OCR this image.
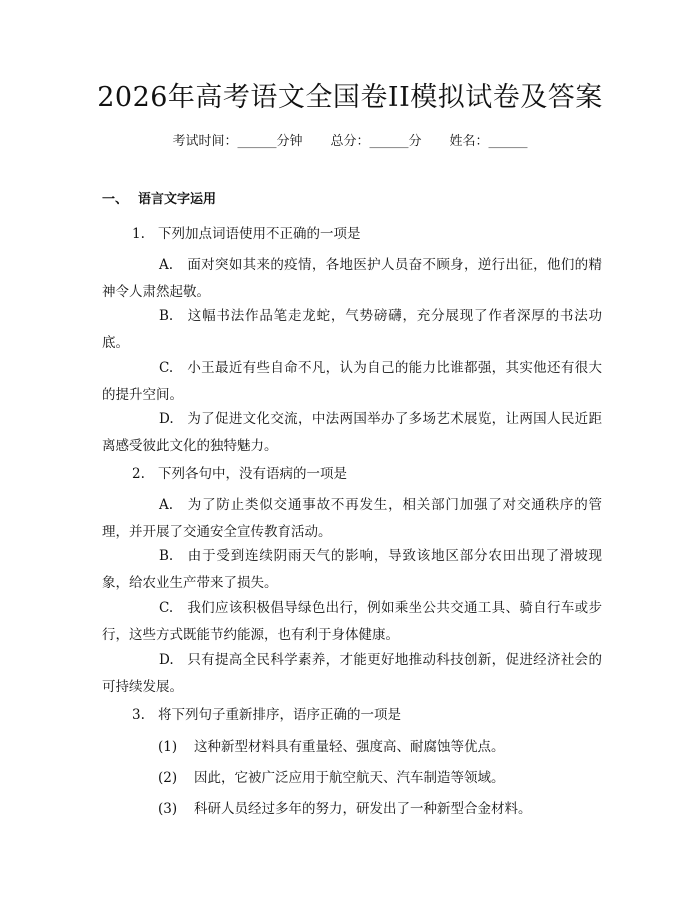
2026年高考语文全国卷II模拟试卷及答案
考试时间：______分钟 总分：______分 姓名：______
一、 语言文字运用
1. 下列加点词语使用不正确的一项是
A. 面对突如其来的疫情，各地医护人员奋不顾身，逆行出征，他们的精神令人肃然起敬。
B. 这幅书法作品笔走龙蛇，气势磅礴，充分展现了作者深厚的书法功底。
C. 小王最近有些自命不凡，认为自己的能力比谁都强，其实他还有很大的提升空间。
D. 为了促进文化交流，中法两国举办了多场艺术展览，让两国人民近距离感受彼此文化的独特魅力。
2. 下列各句中，没有语病的一项是
A. 为了防止类似交通事故不再发生，相关部门加强了对交通秩序的管理，并开展了交通安全宣传教育活动。
B. 由于受到连续阴雨天气的影响，导致该地区部分农田出现了滑坡现象，给农业生产带来了损失。
C. 我们应该积极倡导绿色出行，例如乘坐公共交通工具、骑自行车或步行，这些方式既能节约能源，也有利于身体健康。
D. 只有提高全民科学素养，才能更好地推动科技创新，促进经济社会的可持续发展。
3. 将下列句子重新排序，语序正确的一项是
(1) 这种新型材料具有重量轻、强度高、耐腐蚀等优点。
(2) 因此，它被广泛应用于航空航天、汽车制造等领域。
(3) 科研人员经过多年的努力，研发出了一种新型合金材料。
